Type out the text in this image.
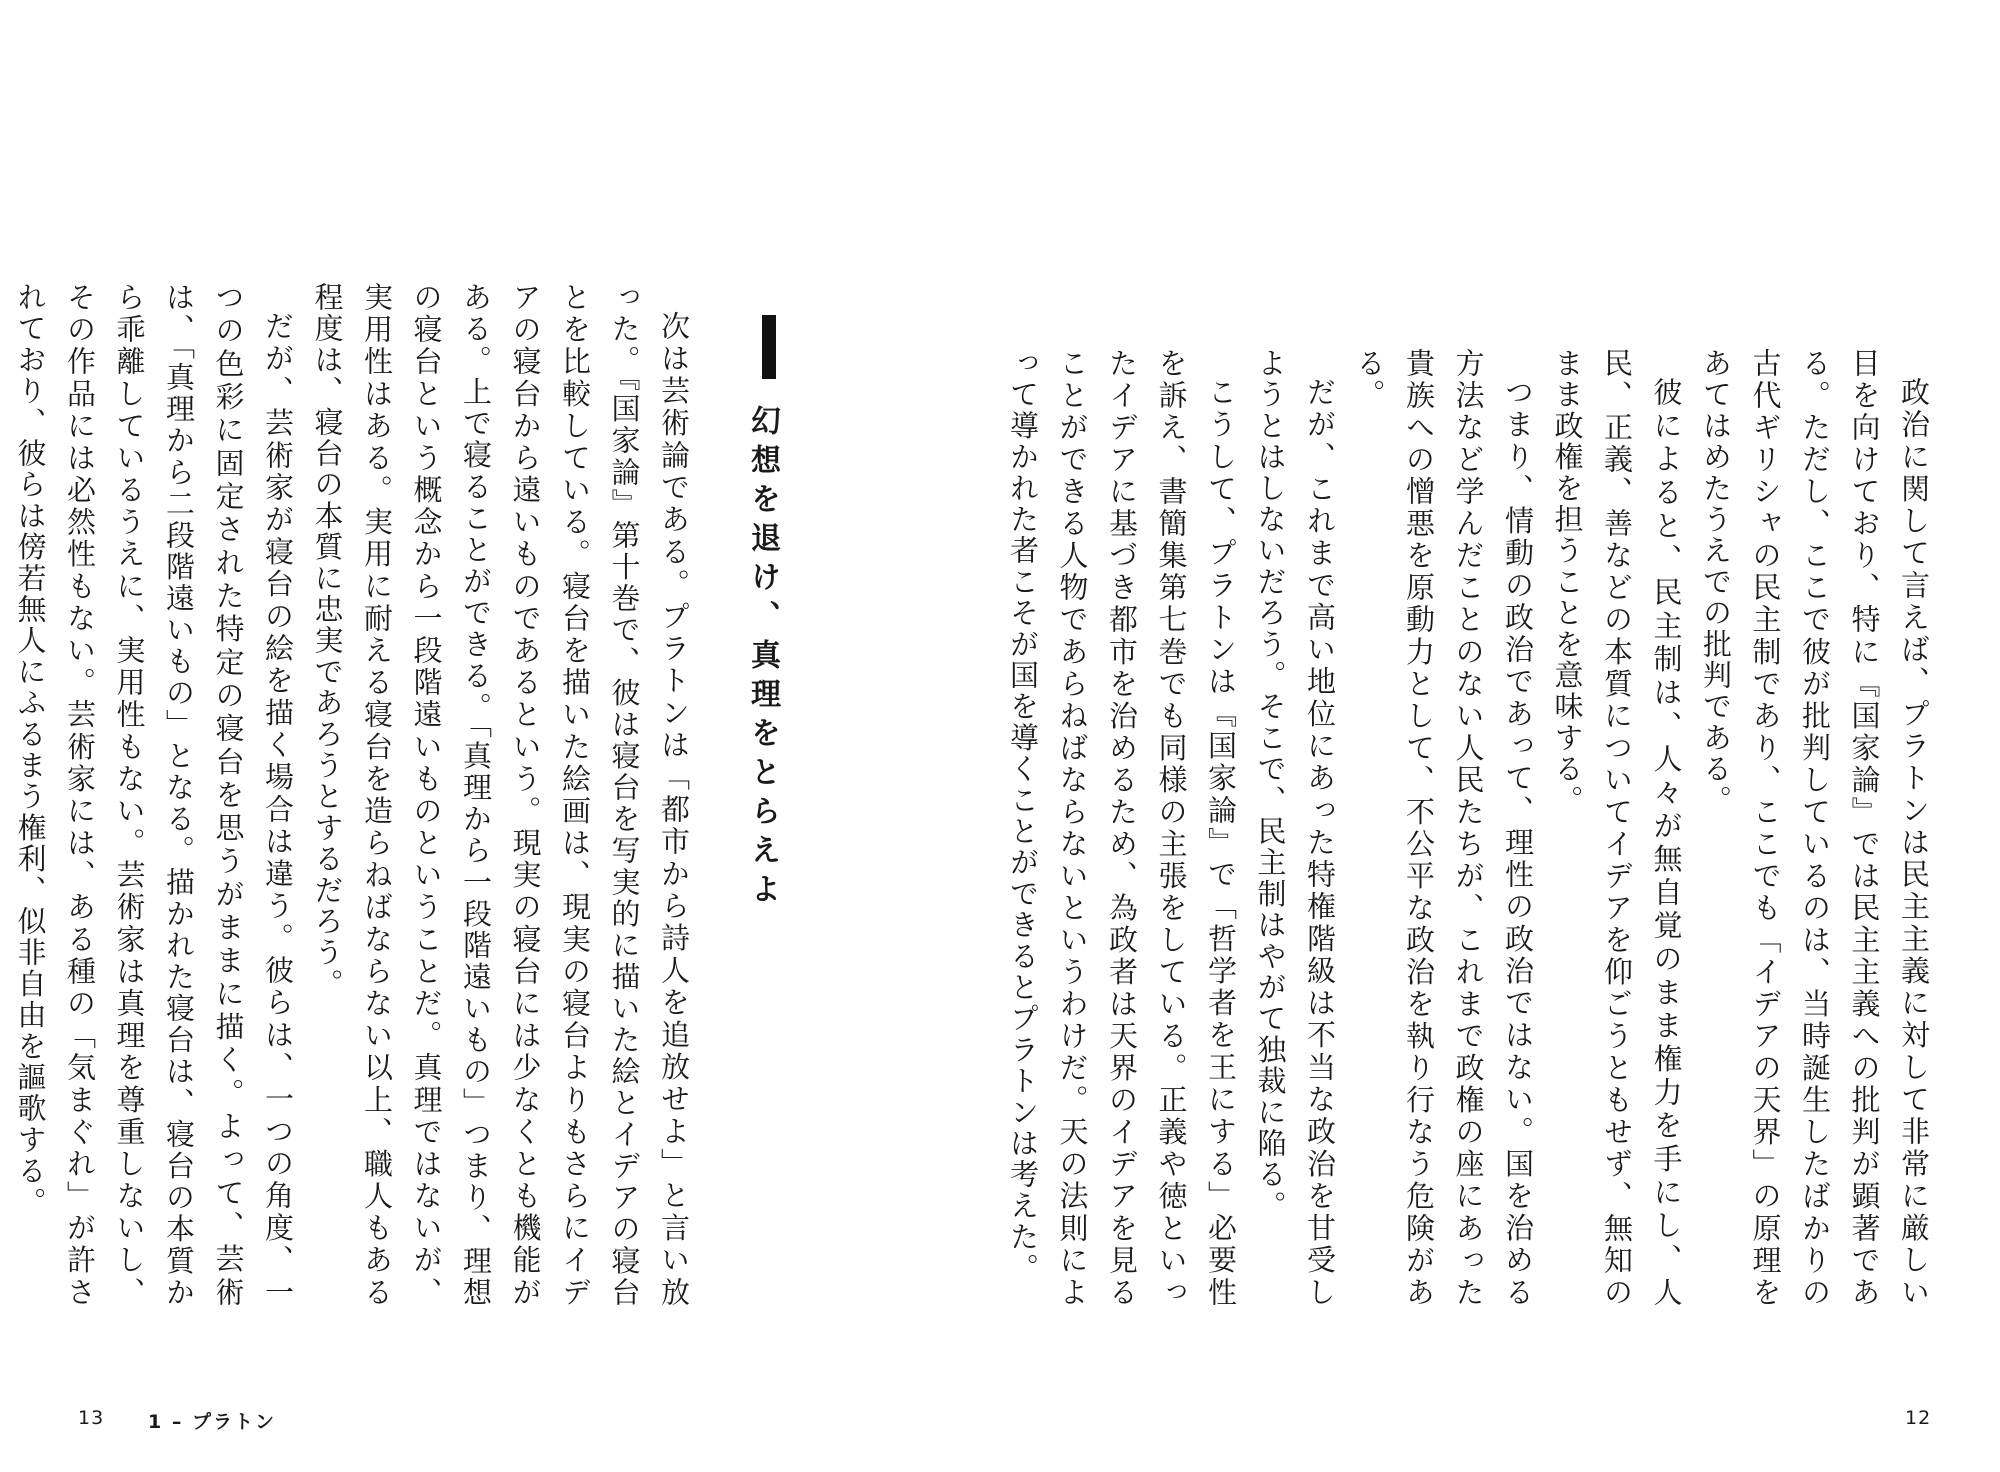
幻想を退け、真理をとらえよ

次は芸術論である。プラトンは「都市から詩人を追放せよ」と言い放った。『国家論』第十巻で、彼は寝台を写実的に描いた絵とイデアの寝台とを比較している。寝台を描いた絵画は、現実の寝台よりもさらにイデアの寝台から遠いものであるという。現実の寝台には少なくとも機能がある。上で寝ることができる。「真理から一段階遠いもの」つまり、理想の寝台という概念から一段階遠いものということだ。真理ではないが、実用性はある。実用に耐える寝台を造らねばならない以上、職人もある程度は、寝台の本質に忠実であろうとするだろう。

だが、芸術家が寝台の絵を描く場合は違う。彼らは、一つの角度、一つの色彩に固定された特定の寝台を思うがままに描く。よって、芸術は、「真理から二段階遠いもの」となる。描かれた寝台は、寝台の本質から乖離しているうえに、実用性もない。芸術家は真理を尊重しないし、その作品には必然性もない。芸術家には、ある種の「気まぐれ」が許されており、彼らは傍若無人にふるまう権利、似非自由を謳歌する。

13 1 – プラトン

政治に関して言えば、プラトンは民主主義に対して非常に厳しい目を向けており、特に『国家論』では民主主義への批判が顕著である。ただし、ここで彼が批判しているのは、当時誕生したばかりの古代ギリシャの民主制であり、ここでも「イデアの天界」の原理をあてはめたうえでの批判である。

彼によると、民主制は、人々が無自覚のまま権力を手にし、人民、正義、善などの本質についてイデアを仰ごうともせず、無知のまま政権を担うことを意味する。

つまり、情動の政治であって、理性の政治ではない。国を治める方法など学んだことのない人民たちが、これまで政権の座にあった貴族への憎悪を原動力として、不公平な政治を執り行なう危険がある。

だが、これまで高い地位にあった特権階級は不当な政治を甘受しようとはしないだろう。そこで、民主制はやがて独裁に陥る。

こうして、プラトンは『国家論』で「哲学者を王にする」必要性を訴え、書簡集第七巻でも同様の主張をしている。正義や徳といったイデアに基づき都市を治めるため、為政者は天界のイデアを見ることができる人物であらねばならないというわけだ。天の法則によって導かれた者こそが国を導くことができるとプラトンは考えた。

12
